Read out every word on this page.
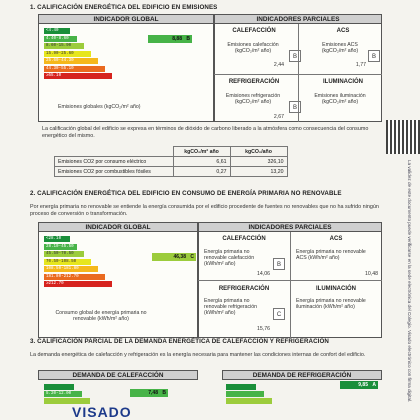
1. CALIFICACIÓN ENERGÉTICA DEL EDIFICIO EN EMISIONES
INDICADOR GLOBAL
<4.40
4.40-8.60
8.60-15.90
15.90-25.60
25.60-44.30
44.30-55.10
≥55.10
8,88 B
Emisiones globales (kgCO₂/m² año)
INDICADORES PARCIALES
CALEFACCIÓN
Emisiones calefacción (kgCO₂/m² año)
2,44
B
ACS
Emisiones ACS (kgCO₂/m² año)
1,77
B
REFRIGERACIÓN
Emisiones refrigeración (kgCO₂/m² año)
2,67
B
ILUMINACIÓN
Emisiones iluminación (kgCO₂/m² año)
La calificación global del edificio se expresa en términos de dióxido de carbono liberado a la atmósfera como consecuencia del consumo energético del mismo.
	kgCO₂/m² año	kgCO₂/año
Emisiones CO2 por consumo eléctrico	6,61	326,10
Emisiones CO2 por combustibles fósiles	0,27	13,20
2. CALIFICACIÓN ENERGÉTICA DEL EDIFICIO EN CONSUMO DE ENERGÍA PRIMARIA NO RENOVABLE
Por energía primaria no renovable se entiende la energía consumida por el edificio procedente de fuentes no renovables que no ha sufrido ningún proceso de conversión o transformación.
INDICADOR GLOBAL
<28.10
28.10-45.50
45.50-70.50
70.50-108.50
108.50-181.80
181.80-212.70
≥212.70
46,38 C
Consumo global de energía primaria no renovable (kWh/m² año)
INDICADORES PARCIALES
CALEFACCIÓN
Energía primaria no renovable calefacción (kWh/m² año)
14,06
B
ACS
Energía primaria no renovable ACS (kWh/m² año)
10,48
REFRIGERACIÓN
Energía primaria no renovable refrigeración (kWh/m² año)
15,76
C
ILUMINACIÓN
Energía primaria no renovable iluminación (kWh/m² año)
3. CALIFICACIÓN PARCIAL DE LA DEMANDA ENERGÉTICA DE CALEFACCIÓN Y REFRIGERACIÓN
La demanda energética de calefacción y refrigeración es la energía necesaria para mantener las condiciones internas de confort del edificio.
DEMANDA DE CALEFACCIÓN	DEMANDA DE REFRIGERACIÓN
5.20-12.00	7,48 B
9,85 A
VISADO
La validez de este documento puede verificarse en la sede electrónica del Colegio. Visado electrónico con firma digital.
